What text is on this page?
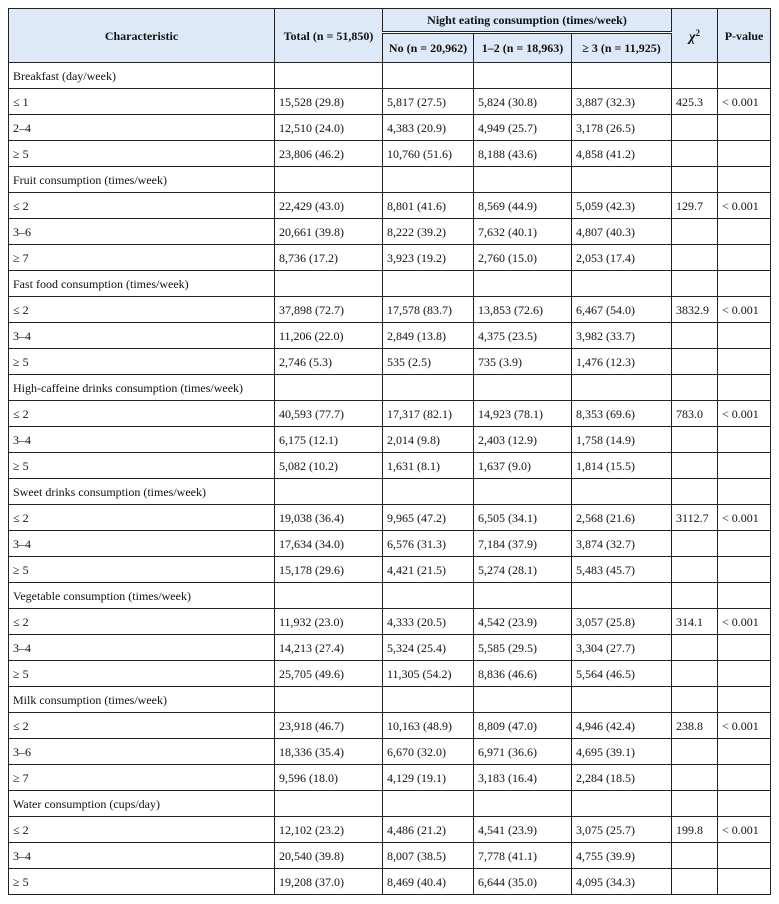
Characteristic	Total (n = 51,850)	Night eating consumption (times/week)			$\chi^2$	P-value
		No (n = 20,962)	1–2 (n = 18,963)	≥ 3 (n = 11,925)		
Breakfast (day/week)						
≤ 1	15,528 (29.8)	5,817 (27.5)	5,824 (30.8)	3,887 (32.3)	425.3	< 0.001
2–4	12,510 (24.0)	4,383 (20.9)	4,949 (25.7)	3,178 (26.5)		
≥ 5	23,806 (46.2)	10,760 (51.6)	8,188 (43.6)	4,858 (41.2)		
Fruit consumption (times/week)						
≤ 2	22,429 (43.0)	8,801 (41.6)	8,569 (44.9)	5,059 (42.3)	129.7	< 0.001
3–6	20,661 (39.8)	8,222 (39.2)	7,632 (40.1)	4,807 (40.3)		
≥ 7	8,736 (17.2)	3,923 (19.2)	2,760 (15.0)	2,053 (17.4)		
Fast food consumption (times/week)						
≤ 2	37,898 (72.7)	17,578 (83.7)	13,853 (72.6)	6,467 (54.0)	3832.9	< 0.001
3–4	11,206 (22.0)	2,849 (13.8)	4,375 (23.5)	3,982 (33.7)		
≥ 5	2,746 (5.3)	535 (2.5)	735 (3.9)	1,476 (12.3)		
High-caffeine drinks consumption (times/week)						
≤ 2	40,593 (77.7)	17,317 (82.1)	14,923 (78.1)	8,353 (69.6)	783.0	< 0.001
3–4	6,175 (12.1)	2,014 (9.8)	2,403 (12.9)	1,758 (14.9)		
≥ 5	5,082 (10.2)	1,631 (8.1)	1,637 (9.0)	1,814 (15.5)		
Sweet drinks consumption (times/week)						
≤ 2	19,038 (36.4)	9,965 (47.2)	6,505 (34.1)	2,568 (21.6)	3112.7	< 0.001
3–4	17,634 (34.0)	6,576 (31.3)	7,184 (37.9)	3,874 (32.7)		
≥ 5	15,178 (29.6)	4,421 (21.5)	5,274 (28.1)	5,483 (45.7)		
Vegetable consumption (times/week)						
≤ 2	11,932 (23.0)	4,333 (20.5)	4,542 (23.9)	3,057 (25.8)	314.1	< 0.001
3–4	14,213 (27.4)	5,324 (25.4)	5,585 (29.5)	3,304 (27.7)		
≥ 5	25,705 (49.6)	11,305 (54.2)	8,836 (46.6)	5,564 (46.5)		
Milk consumption (times/week)						
≤ 2	23,918 (46.7)	10,163 (48.9)	8,809 (47.0)	4,946 (42.4)	238.8	< 0.001
3–6	18,336 (35.4)	6,670 (32.0)	6,971 (36.6)	4,695 (39.1)		
≥ 7	9,596 (18.0)	4,129 (19.1)	3,183 (16.4)	2,284 (18.5)		
Water consumption (cups/day)						
≤ 2	12,102 (23.2)	4,486 (21.2)	4,541 (23.9)	3,075 (25.7)	199.8	< 0.001
3–4	20,540 (39.8)	8,007 (38.5)	7,778 (41.1)	4,755 (39.9)		
≥ 5	19,208 (37.0)	8,469 (40.4)	6,644 (35.0)	4,095 (34.3)		
